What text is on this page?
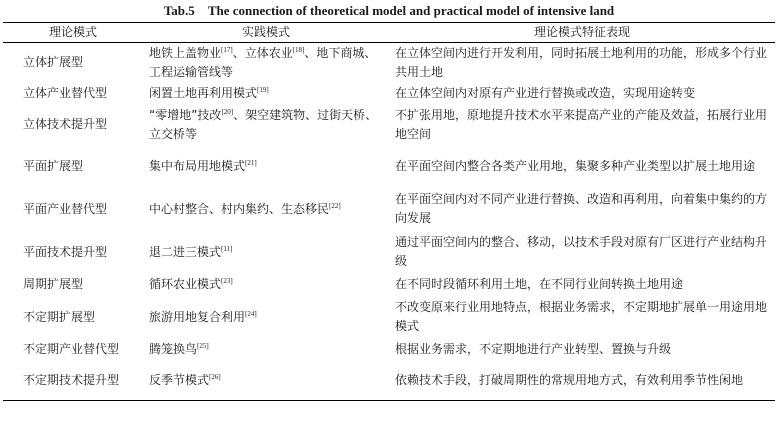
Tab.5 The connection of theoretical model and practical model of intensive land
理论模式	实践模式	理论模式特征表现
立体扩展型	地铁上盖物业[17]、立体农业[18]、地下商城、工程运输管线等	在立体空间内进行开发利用，同时拓展土地利用的功能，形成多个行业共用土地
立体产业替代型	闲置土地再利用模式[19]	在立体空间内对原有产业进行替换或改造，实现用途转变
立体技术提升型	“零增地”技改[20]、架空建筑物、过街天桥、立交桥等	不扩张用地，原地提升技术水平来提高产业的产能及效益，拓展行业用地空间
平面扩展型	集中布局用地模式[21]	在平面空间内整合各类产业用地，集聚多种产业类型以扩展土地用途
平面产业替代型	中心村整合、村内集约、生态移民[22]	在平面空间内对不同产业进行替换、改造和再利用，向着集中集约的方向发展
平面技术提升型	退二进三模式[11]	通过平面空间内的整合、移动，以技术手段对原有厂区进行产业结构升级
周期扩展型	循环农业模式[23]	在不同时段循环利用土地，在不同行业间转换土地用途
不定期扩展型	旅游用地复合利用[24]	不改变原来行业用地特点，根据业务需求，不定期地扩展单一用途用地模式
不定期产业替代型	腾笼换鸟[25]	根据业务需求，不定期地进行产业转型、置换与升级
不定期技术提升型	反季节模式[26]	依赖技术手段，打破周期性的常规用地方式，有效利用季节性闲地
